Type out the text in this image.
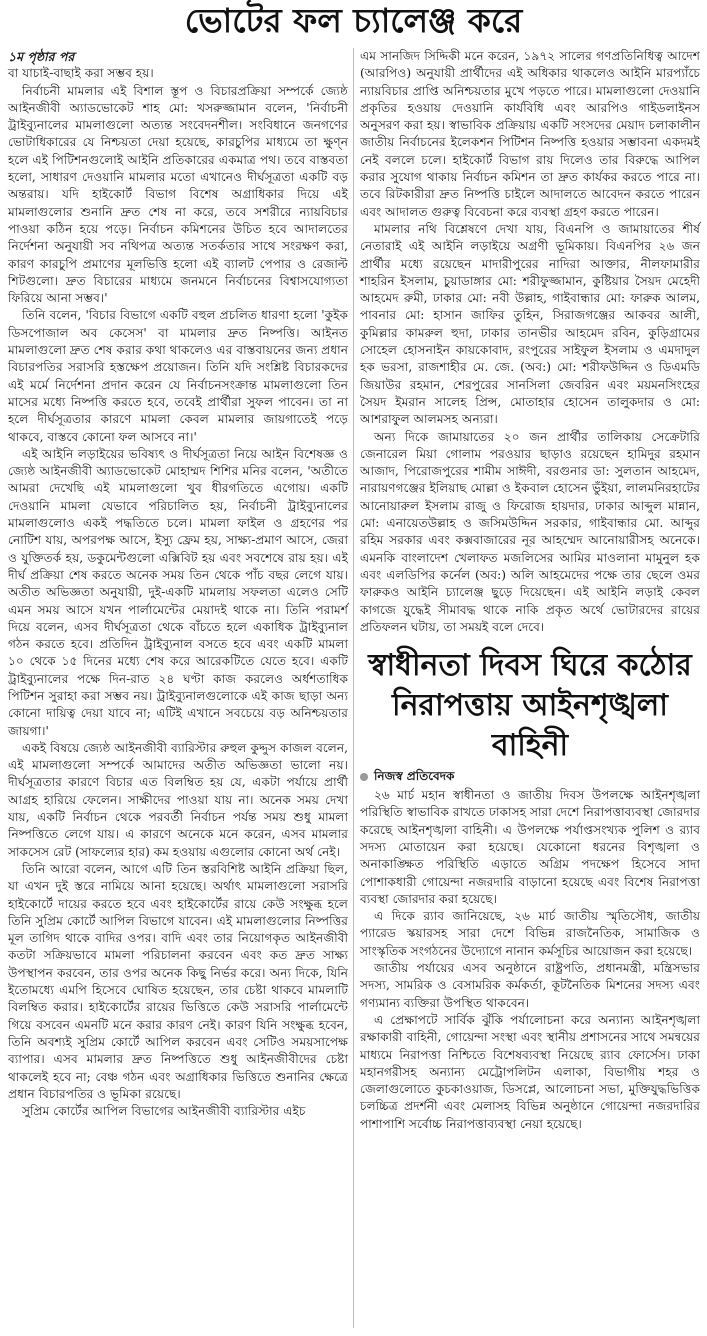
ভোটের ফল চ্যালেঞ্জ করে
১ম পৃষ্ঠার পর

বা যাচাই-বাছাই করা সম্ভব হয়।

নির্বাচনী মামলার এই বিশাল স্তূপ ও বিচারপ্রক্রিয়া সম্পর্কে জ্যেষ্ঠ আইনজীবী অ্যাডভোকেট শাহ মো: খসরুজ্জামান বলেন, 'নির্বাচনী ট্রাইব্যুনালের মামলাগুলো অত্যন্ত সংবেদনশীল। সংবিধানে জনগণের ভোটাধিকারের যে নিশ্চয়তা দেয়া হয়েছে, কারচুপির মাধ্যমে তা ক্ষুণ্ন হলে এই পিটিশনগুলোই আইনি প্রতিকারের একমাত্র পথ। তবে বাস্তবতা হলো, সাধারণ দেওয়ানি মামলার মতো এখানেও দীর্ঘসূত্রতা একটি বড় অন্তরায়। যদি হাইকোর্ট বিভাগ বিশেষ অগ্রাধিকার দিয়ে এই মামলাগুলোর শুনানি দ্রুত শেষ না করে, তবে সশরীরে ন্যায়বিচার পাওয়া কঠিন হয়ে পড়ে। নির্বাচন কমিশনের উচিত হবে আদালতের নির্দেশনা অনুযায়ী সব নথিপত্র অত্যন্ত সতর্কতার সাথে সংরক্ষণ করা, কারণ কারচুপি প্রমাণের মূলভিত্তি হলো এই ব্যালট পেপার ও রেজাল্ট শিটগুলো। দ্রুত বিচারের মাধ্যমে জনমনে নির্বাচনের বিশ্বাসযোগ্যতা ফিরিয়ে আনা সম্ভব।'

তিনি বলেন, 'বিচার বিভাগে একটি বহুল প্রচলিত ধারণা হলো 'কুইক ডিসপোজাল অব কেসেস' বা মামলার দ্রুত নিষ্পত্তি। আইনত মামলাগুলো দ্রুত শেষ করার কথা থাকলেও এর বাস্তবায়নের জন্য প্রধান বিচারপতির সরাসরি হস্তক্ষেপ প্রয়োজন। তিনি যদি সংশ্লিষ্ট বিচারকদের এই মর্মে নির্দেশনা প্রদান করেন যে নির্বাচনসংক্রান্ত মামলাগুলো তিন মাসের মধ্যে নিষ্পত্তি করতে হবে, তবেই প্রার্থীরা সুফল পাবেন। তা না হলে দীর্ঘসূত্রতার কারণে মামলা কেবল মামলার জায়গাতেই পড়ে থাকবে, বাস্তবে কোনো ফল আসবে না।'

এই আইনি লড়াইয়ের ভবিষ্যৎ ও দীর্ঘসূত্রতা নিয়ে আইন বিশেষজ্ঞ ও জ্যেষ্ঠ আইনজীবী অ্যাডভোকেট মোহাম্মদ শিশির মনির বলেন, 'অতীতে আমরা দেখেছি এই মামলাগুলো খুব ধীরগতিতে এগোয়। একটি দেওয়ানি মামলা যেভাবে পরিচালিত হয়, নির্বাচনী ট্রাইব্যুনালের মামলাগুলোও একই পদ্ধতিতে চলে। মামলা ফাইল ও গ্রহণের পর নোটিশ যায়, অপরপক্ষ আসে, ইস্যু ফ্রেম হয়, সাক্ষ্য-প্রমাণ আসে, জেরা ও যুক্তিতর্ক হয়, ডকুমেন্টগুলো এক্সিবিট হয় এবং সবশেষে রায় হয়। এই দীর্ঘ প্রক্রিয়া শেষ করতে অনেক সময় তিন থেকে পাঁচ বছর লেগে যায়। অতীত অভিজ্ঞতা অনুযায়ী, দুই-একটি মামলায় সফলতা এলেও সেটি এমন সময় আসে যখন পার্লামেন্টের মেয়াদই থাকে না। তিনি পরামর্শ দিয়ে বলেন, এসব দীর্ঘসূত্রতা থেকে বাঁচতে হলে একাধিক ট্রাইব্যুনাল গঠন করতে হবে। প্রতিদিন ট্রাইব্যুনাল বসতে হবে এবং একটি মামলা ১০ থেকে ১৫ দিনের মধ্যে শেষ করে আরেকটিতে যেতে হবে। একটি ট্রাইব্যুনালের পক্ষে দিন-রাত ২৪ ঘণ্টা কাজ করলেও অর্ধশতাধিক পিটিশন সুরাহা করা সম্ভব নয়। ট্রাইব্যুনালগুলোকে এই কাজ ছাড়া অন্য কোনো দায়িত্ব দেয়া যাবে না; এটিই এখানে সবচেয়ে বড় অনিশ্চয়তার জায়গা।'

একই বিষয়ে জ্যেষ্ঠ আইনজীবী ব্যারিস্টার রুহুল কুদ্দুস কাজল বলেন, এই মামলাগুলো সম্পর্কে আমাদের অতীত অভিজ্ঞতা ভালো নয়। দীর্ঘসূত্রতার কারণে বিচার এত বিলম্বিত হয় যে, একটা পর্যায়ে প্রার্থী আগ্রহ হারিয়ে ফেলেন। সাক্ষীদের পাওয়া যায় না। অনেক সময় দেখা যায়, একটি নির্বাচন থেকে পরবর্তী নির্বাচন পর্যন্ত সময় শুধু মামলা নিষ্পত্তিতে লেগে যায়। এ কারণে অনেকে মনে করেন, এসব মামলার সাকসেস রেট (সাফল্যের হার) কম হওয়ায় এগুলোর কোনো অর্থ নেই।

তিনি আরো বলেন, আগে এটি তিন স্তরবিশিষ্ট আইনি প্রক্রিয়া ছিল, যা এখন দুই স্তরে নামিয়ে আনা হয়েছে। অর্থাৎ মামলাগুলো সরাসরি হাইকোর্টে দায়ের করতে হবে এবং হাইকোর্টের রায়ে কেউ সংক্ষুব্ধ হলে তিনি সুপ্রিম কোর্টে আপিল বিভাগে যাবেন। এই মামলাগুলোর নিষ্পত্তির মূল তাগিদ থাকে বাদির ওপর। বাদি এবং তার নিয়োগকৃত আইনজীবী কতটা সক্রিয়ভাবে মামলা পরিচালনা করবেন এবং কত দ্রুত সাক্ষ্য উপস্থাপন করবেন, তার ওপর অনেক কিছু নির্ভর করে। অন্য দিকে, যিনি ইতোমধ্যে এমপি হিসেবে ঘোষিত হয়েছেন, তার চেষ্টা থাকবে মামলাটি বিলম্বিত করার। হাইকোর্টের রায়ের ভিত্তিতে কেউ সরাসরি পার্লামেন্টে গিয়ে বসবেন এমনটি মনে করার কারণ নেই। কারণ যিনি সংক্ষুব্ধ হবেন, তিনি অবশ্যই সুপ্রিম কোর্টে আপিল করবেন এবং সেটিও সময়সাপেক্ষ ব্যাপার। এসব মামলার দ্রুত নিষ্পত্তিতে শুধু আইনজীবীদের চেষ্টা থাকলেই হবে না; বেঞ্চ গঠন এবং অগ্রাধিকার ভিত্তিতে শুনানির ক্ষেত্রে প্রধান বিচারপতির ও ভূমিকা রয়েছে।

সুপ্রিম কোর্টের আপিল বিভাগের আইনজীবী ব্যারিস্টার এইচ

এম সানজিদ সিদ্দিকী মনে করেন, ১৯৭২ সালের গণপ্রতিনিধিত্ব আদেশ (আরপিও) অনুযায়ী প্রার্থীদের এই অধিকার থাকলেও আইনি মারপ্যাঁচে ন্যায়বিচার প্রাপ্তি অনিশ্চয়তার মুখে পড়তে পারে। মামলাগুলো দেওয়ানি প্রকৃতির হওয়ায় দেওয়ানি কার্যবিধি এবং আরপিও গাইডলাইনস অনুসরণ করা হয়। স্বাভাবিক প্রক্রিয়ায় একটি সংসদের মেয়াদ চলাকালীন জাতীয় নির্বাচনের ইলেকশন পিটিশন নিষ্পত্তি হওয়ার সম্ভাবনা একদমই নেই বললে চলে। হাইকোর্ট বিভাগ রায় দিলেও তার বিরুদ্ধে আপিল করার সুযোগ থাকায় নির্বাচন কমিশন তা দ্রুত কার্যকর করতে পারে না। তবে রিটকারীরা দ্রুত নিষ্পত্তি চাইলে আদালতে আবেদন করতে পারেন এবং আদালত গুরুত্ব বিবেচনা করে ব্যবস্থা গ্রহণ করতে পারেন।

মামলার নথি বিশ্লেষণে দেখা যায়, বিএনপি ও জামায়াতের শীর্ষ নেতারাই এই আইনি লড়াইয়ে অগ্রণী ভূমিকায়। বিএনপির ২৬ জন প্রার্থীর মধ্যে রয়েছেন মাদারীপুরের নাদিরা আক্তার, নীলফামারীর শাহরিন ইসলাম, চুয়াডাঙ্গার মো: শরীফুজ্জামান, কুষ্টিয়ার সৈয়দ মেহেদী আহমেদ রুমী, ঢাকার মো: নবী উল্লাহ, গাইবান্ধার মো: ফারুক আলম, পাবনার মো: হাসান জাফির তুহিন, সিরাজগঞ্জের আকবর আলী, কুমিল্লার কামরুল হুদা, ঢাকার তানভীর আহমেদ রবিন, কুড়িগ্রামের সোহেল হোসনাইন কায়কোবাদ, রংপুরের সাইফুল ইসলাম ও এমদাদুল হক ভরসা, রাজশাহীর মে. জে. (অব:) মো: শরীফউদ্দিন ও ডিএমডি জিয়াউর রহমান, শেরপুরের সানসিলা জেবরিন এবং ময়মনসিংহের সৈয়দ ইমরান সালেহ প্রিন্স, মোতাহার হোসেন তালুকদার ও মো: আশরাফুল আলমসহ অন্যরা।

অন্য দিকে জামায়াতের ২০ জন প্রার্থীর তালিকায় সেক্রেটারি জেনারেল মিয়া গোলাম পরওয়ার ছাড়াও রয়েছেন হামিদুর রহমান আজাদ, পিরোজপুরের শামীম সাঈদী, বরগুনার ডা: সুলতান আহমেদ, নারায়ণগঞ্জের ইলিয়াছ মোল্লা ও ইকবাল হোসেন ভুঁইয়া, লালমনিরহাটের আনোয়ারুল ইসলাম রাজু ও ফিরোজ হায়দার, ঢাকার আব্দুল মান্নান, মো: এনায়েতউল্লাহ ও জসিমউদ্দিন সরকার, গাইবান্ধার মো. আব্দুর রহিম সরকার এবং কক্সবাজারের নূর আহম্মেদ আনোয়ারীসহ অনেকে। এমনকি বাংলাদেশ খেলাফত মজলিসের আমির মাওলানা মামুনুল হক এবং এলডিপির কর্নেল (অব:) অলি আহমেদের পক্ষে তার ছেলে ওমর ফারুকও আইনি চ্যালেঞ্জ ছুড়ে দিয়েছেন। এই আইনি লড়াই কেবল কাগজে যুদ্ধেই সীমাবদ্ধ থাকে নাকি প্রকৃত অর্থে ভোটারদের রায়ের প্রতিফলন ঘটায়, তা সময়ই বলে দেবে।

স্বাধীনতা দিবস ঘিরে কঠোর নিরাপত্তায় আইনশৃঙ্খলা বাহিনী
নিজস্ব প্রতিবেদক

২৬ মার্চ মহান স্বাধীনতা ও জাতীয় দিবস উপলক্ষে আইনশৃঙ্খলা পরিস্থিতি স্বাভাবিক রাখতে ঢাকাসহ সারা দেশে নিরাপত্তাব্যবস্থা জোরদার করেছে আইনশৃঙ্খলা বাহিনী। এ উপলক্ষে পর্যাপ্তসংখ্যক পুলিশ ও র‌্যাব সদস্য মোতায়েন করা হয়েছে। যেকোনো ধরনের বিশৃঙ্খলা ও অনাকাঙ্ক্ষিত পরিস্থিতি এড়াতে অগ্রিম পদক্ষেপ হিসেবে সাদা পোশাকধারী গোয়েন্দা নজরদারি বাড়ানো হয়েছে এবং বিশেষ নিরাপত্তা ব্যবস্থা জোরদার করা হয়েছে।

এ দিকে র‌্যাব জানিয়েছে, ২৬ মার্চ জাতীয় স্মৃতিসৌধ, জাতীয় প্যারেড স্কয়ারসহ সারা দেশে বিভিন্ন রাজনৈতিক, সামাজিক ও সাংস্কৃতিক সংগঠনের উদ্যোগে নানান কর্মসূচির আয়োজন করা হয়েছে।

জাতীয় পর্যায়ের এসব অনুষ্ঠানে রাষ্ট্রপতি, প্রধানমন্ত্রী, মন্ত্রিসভার সদস্য, সামরিক ও বেসামরিক কর্মকর্তা, কূটনৈতিক মিশনের সদস্য এবং গণ্যমান্য ব্যক্তিরা উপস্থিত থাকবেন।

এ প্রেক্ষাপটে সার্বিক ঝুঁকি পর্যালোচনা করে অন্যান্য আইনশৃঙ্খলা রক্ষাকারী বাহিনী, গোয়েন্দা সংস্থা এবং স্থানীয় প্রশাসনের সাথে সমন্বয়ের মাধ্যমে নিরাপত্তা নিশ্চিতে বিশেষব্যবস্থা নিয়েছে র‌্যাব ফোর্সেস। ঢাকা মহানগরীসহ অন্যান্য মেট্রোপলিটন এলাকা, বিভাগীয় শহর ও জেলাগুলোতে কুচকাওয়াজ, ডিসপ্লে, আলোচনা সভা, মুক্তিযুদ্ধভিত্তিক চলচ্চিত্র প্রদর্শনী এবং মেলাসহ বিভিন্ন অনুষ্ঠানে গোয়েন্দা নজরদারির পাশাপাশি সর্বোচ্চ নিরাপত্তাব্যবস্থা নেয়া হয়েছে।
